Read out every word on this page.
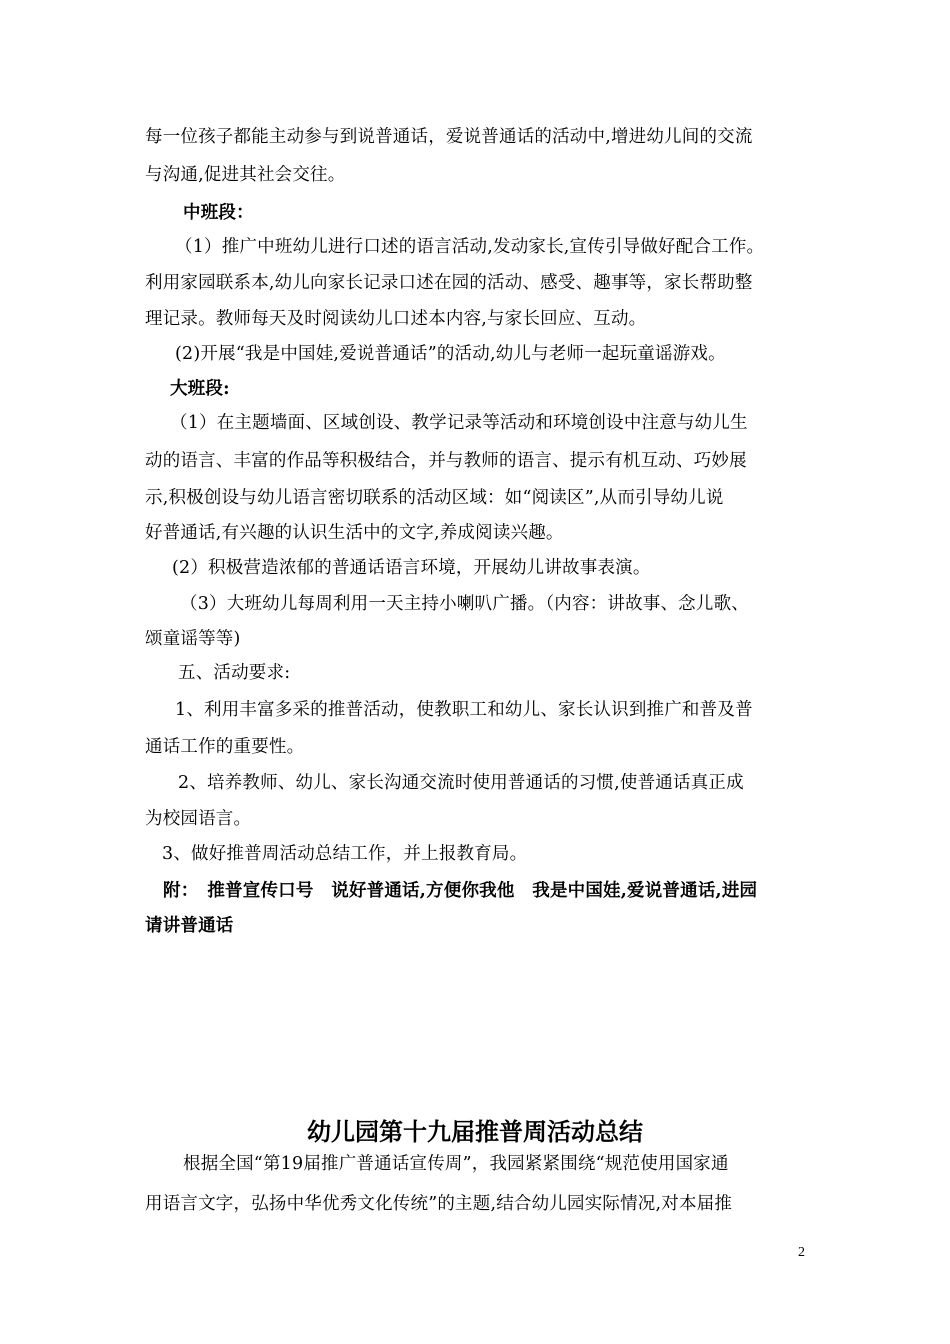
每一位孩子都能主动参与到说普通话，爱说普通话的活动中,增进幼儿间的交流
与沟通,促进其社会交往。
中班段：
（1）推广中班幼儿进行口述的语言活动,发动家长,宣传引导做好配合工作。
利用家园联系本,幼儿向家长记录口述在园的活动、感受、趣事等，家长帮助整
理记录。教师每天及时阅读幼儿口述本内容,与家长回应、互动。
(2)开展“我是中国娃,爱说普通话”的活动,幼儿与老师一起玩童谣游戏。
大班段:
（1）在主题墙面、区域创设、教学记录等活动和环境创设中注意与幼儿生
动的语言、丰富的作品等积极结合，并与教师的语言、提示有机互动、巧妙展
示,积极创设与幼儿语言密切联系的活动区域：如“阅读区”,从而引导幼儿说
好普通话,有兴趣的认识生活中的文字,养成阅读兴趣。
(2）积极营造浓郁的普通话语言环境，开展幼儿讲故事表演。
（3）大班幼儿每周利用一天主持小喇叭广播。（内容：讲故事、念儿歌、
颂童谣等等)
五、活动要求:
1、利用丰富多采的推普活动，使教职工和幼儿、家长认识到推广和普及普
通话工作的重要性。
2、培养教师、幼儿、家长沟通交流时使用普通话的习惯,使普通话真正成
为校园语言。
3、做好推普周活动总结工作，并上报教育局。
附：　推普宣传口号　说好普通话,方便你我他　我是中国娃,爱说普通话,进园
请讲普通话
幼儿园第十九届推普周活动总结
根据全国“第19届推广普通话宣传周”，我园紧紧围绕“规范使用国家通
用语言文字，弘扬中华优秀文化传统”的主题,结合幼儿园实际情况,对本届推
2
